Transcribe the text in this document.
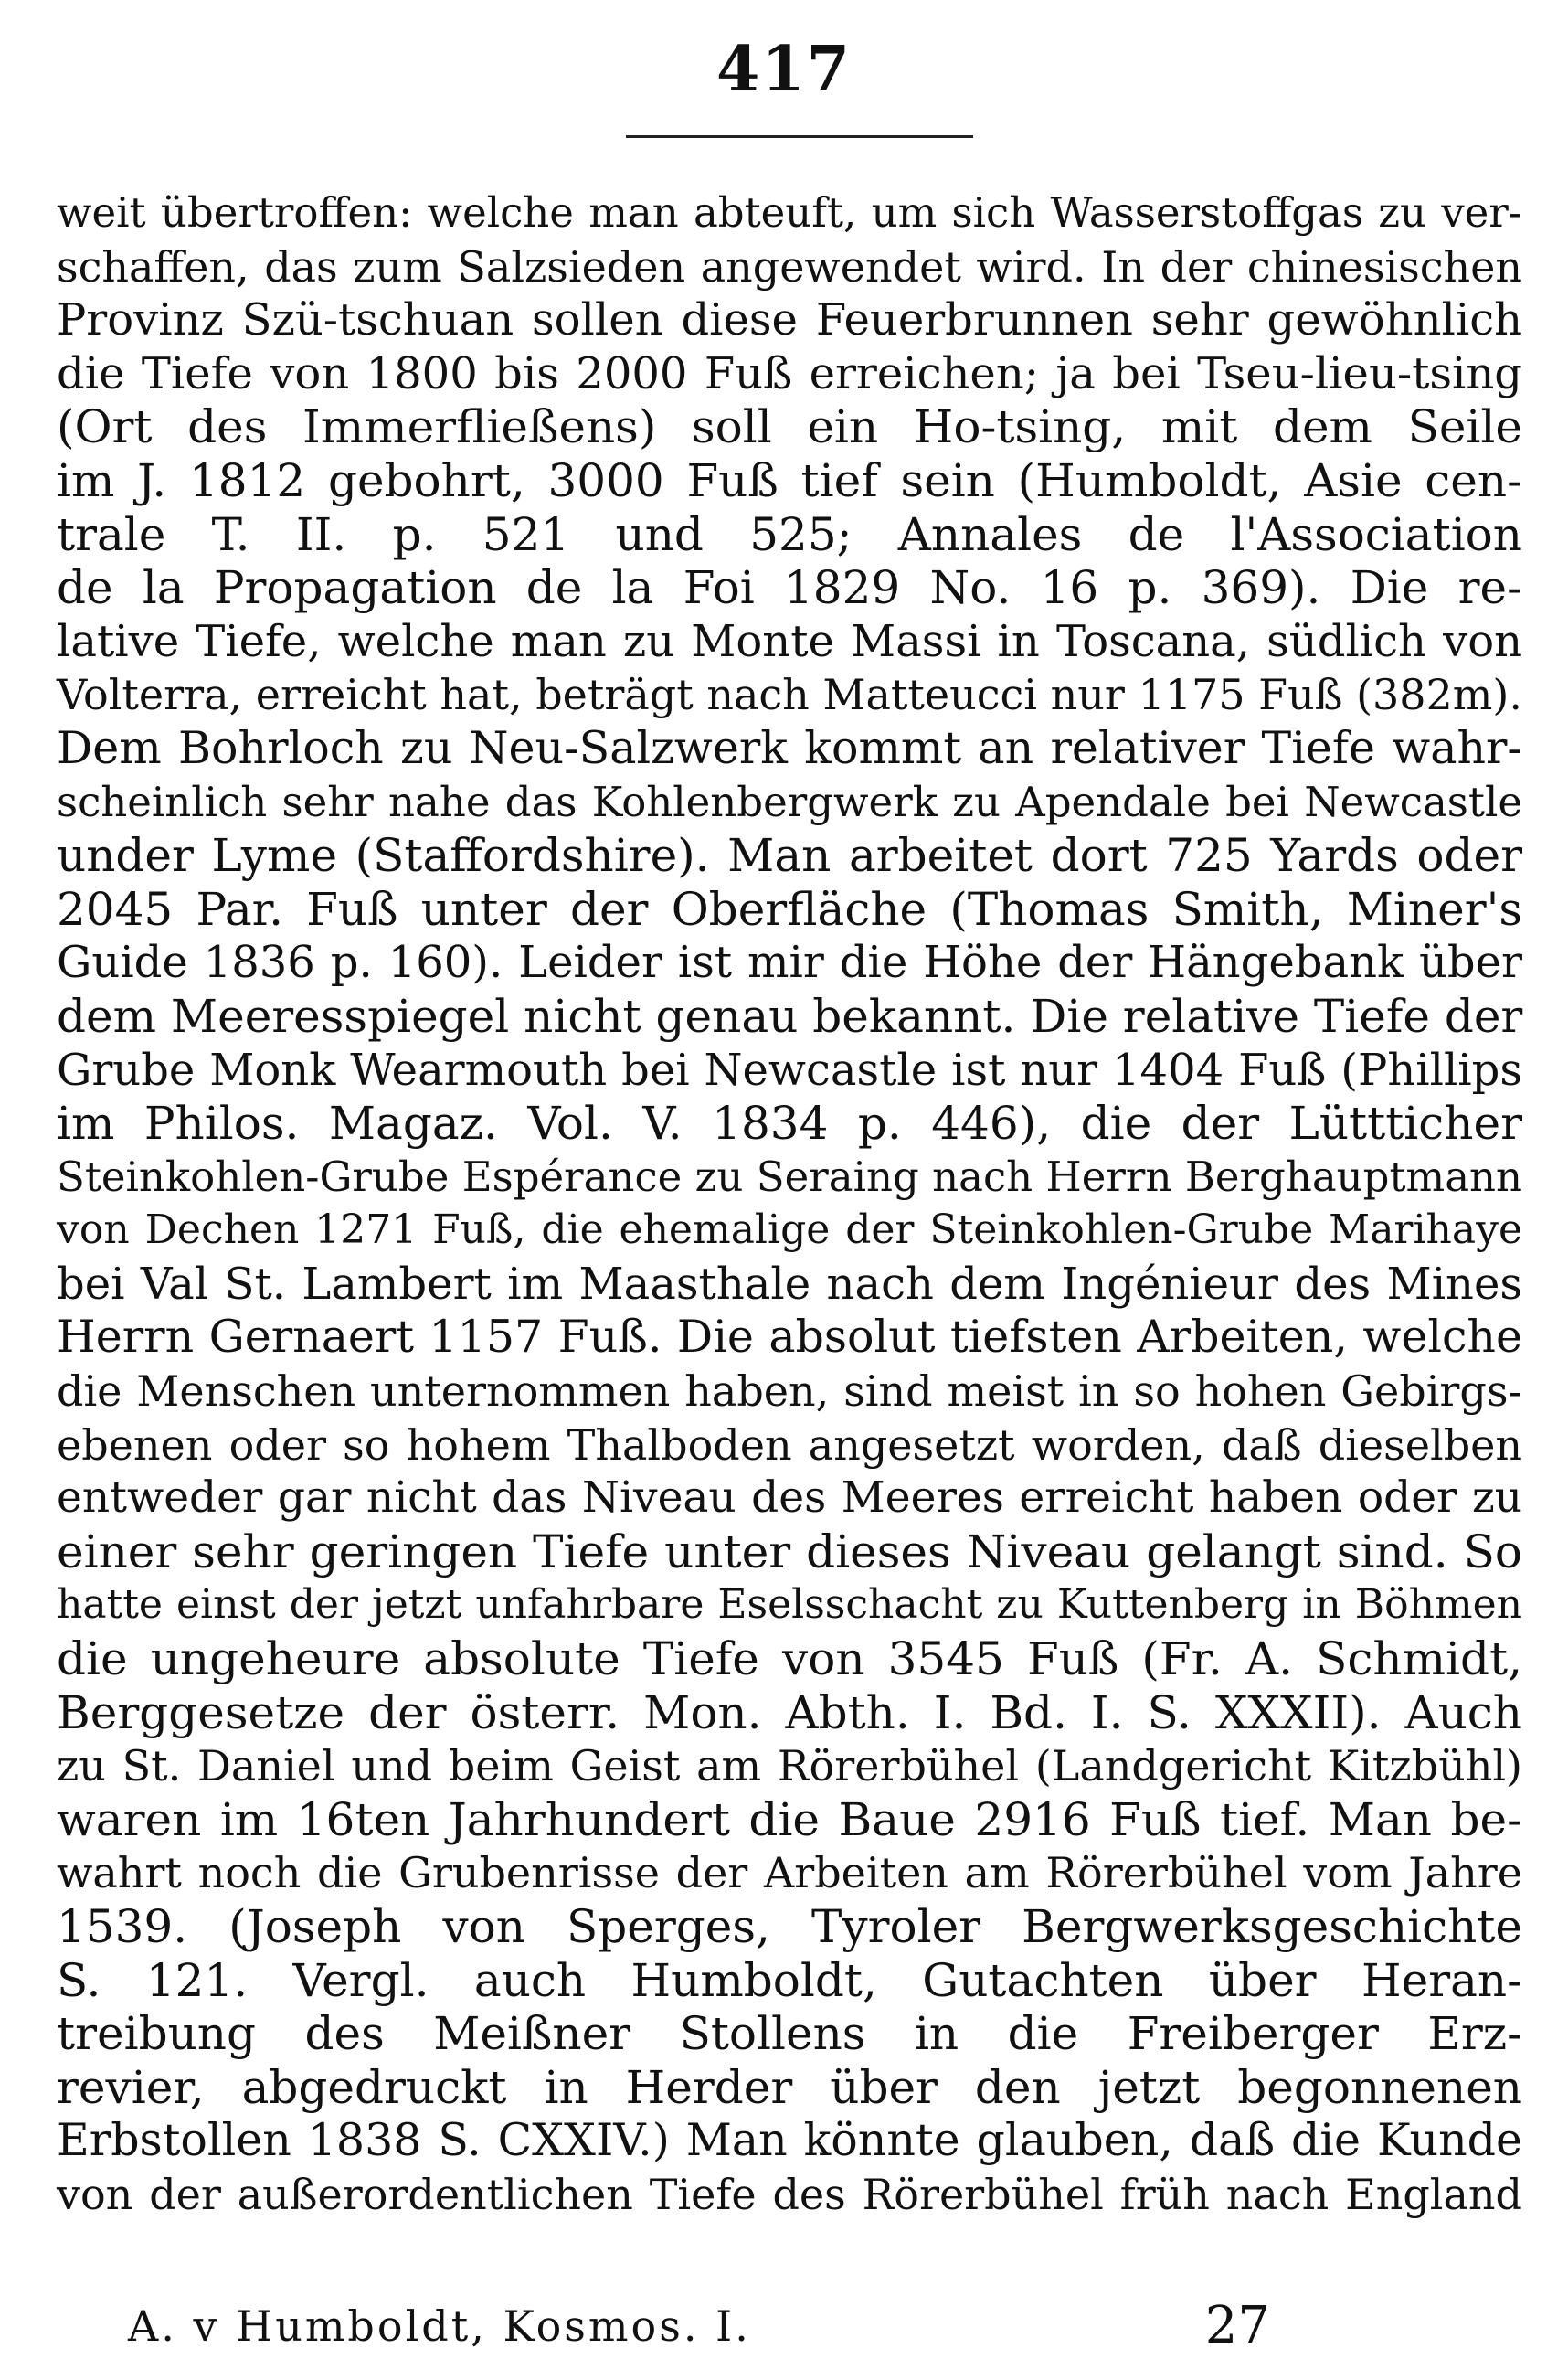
417
weit übertroffen: welche man abteuft, um sich Wasserstoffgas zu ver-
schaffen, das zum Salzsieden angewendet wird. In der chinesischen
Provinz Szü-tschuan sollen diese Feuerbrunnen sehr gewöhnlich
die Tiefe von 1800 bis 2000 Fuß erreichen; ja bei Tseu-lieu-tsing
(Ort des Immerfließens) soll ein Ho-tsing, mit dem Seile
im J. 1812 gebohrt, 3000 Fuß tief sein (Humboldt, Asie cen-
trale T. II. p. 521 und 525; Annales de l'Association
de la Propagation de la Foi 1829 No. 16 p. 369). Die re-
lative Tiefe, welche man zu Monte Massi in Toscana, südlich von
Volterra, erreicht hat, beträgt nach Matteucci nur 1175 Fuß (382m).
Dem Bohrloch zu Neu-Salzwerk kommt an relativer Tiefe wahr-
scheinlich sehr nahe das Kohlenbergwerk zu Apendale bei Newcastle
under Lyme (Staffordshire). Man arbeitet dort 725 Yards oder
2045 Par. Fuß unter der Oberfläche (Thomas Smith, Miner's
Guide 1836 p. 160). Leider ist mir die Höhe der Hängebank über
dem Meeresspiegel nicht genau bekannt. Die relative Tiefe der
Grube Monk Wearmouth bei Newcastle ist nur 1404 Fuß (Phillips
im Philos. Magaz. Vol. V. 1834 p. 446), die der Lüttticher
Steinkohlen-Grube Espérance zu Seraing nach Herrn Berghauptmann
von Dechen 1271 Fuß, die ehemalige der Steinkohlen-Grube Marihaye
bei Val St. Lambert im Maasthale nach dem Ingénieur des Mines
Herrn Gernaert 1157 Fuß. Die absolut tiefsten Arbeiten, welche
die Menschen unternommen haben, sind meist in so hohen Gebirgs-
ebenen oder so hohem Thalboden angesetzt worden, daß dieselben
entweder gar nicht das Niveau des Meeres erreicht haben oder zu
einer sehr geringen Tiefe unter dieses Niveau gelangt sind. So
hatte einst der jetzt unfahrbare Eselsschacht zu Kuttenberg in Böhmen
die ungeheure absolute Tiefe von 3545 Fuß (Fr. A. Schmidt,
Berggesetze der österr. Mon. Abth. I. Bd. I. S. XXXII). Auch
zu St. Daniel und beim Geist am Rörerbühel (Landgericht Kitzbühl)
waren im 16ten Jahrhundert die Baue 2916 Fuß tief. Man be-
wahrt noch die Grubenrisse der Arbeiten am Rörerbühel vom Jahre
1539. (Joseph von Sperges, Tyroler Bergwerksgeschichte
S. 121. Vergl. auch Humboldt, Gutachten über Heran-
treibung des Meißner Stollens in die Freiberger Erz-
revier, abgedruckt in Herder über den jetzt begonnenen
Erbstollen 1838 S. CXXIV.) Man könnte glauben, daß die Kunde
von der außerordentlichen Tiefe des Rörerbühel früh nach England
A. v Humboldt, Kosmos. I.	27
